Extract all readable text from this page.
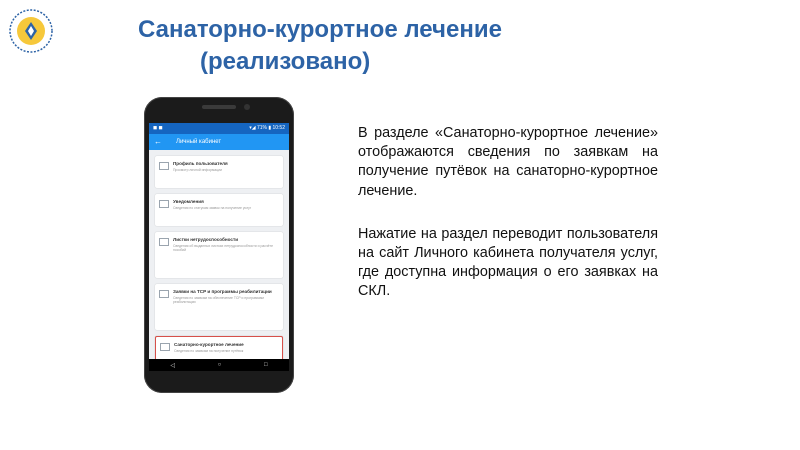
Санаторно-курортное лечение
(реализовано)
◼ ◼	▾◢ 71% ▮ 10:52
← Личный кабинет
Профиль пользователя
Просмотр личной информации
Уведомления
Сведения по статусам заявок на получение услуг
Листки нетрудоспособности
Сведения об выданных листках нетрудоспособности и расчёте пособий
Заявки на ТСР и программы реабилитации
Сведения по заявкам на обеспечение ТСР и программам реабилитации
Санаторно-курортное лечение
Сведения по заявкам на получение путёвок
◁	○	□

В разделе «Санаторно-курортное лечение» отображаются сведения по заявкам на получение путёвок на санаторно-курортное лечение.

Нажатие на раздел переводит пользователя на сайт Личного кабинета получателя услуг, где доступна информация о его заявках на СКЛ.
